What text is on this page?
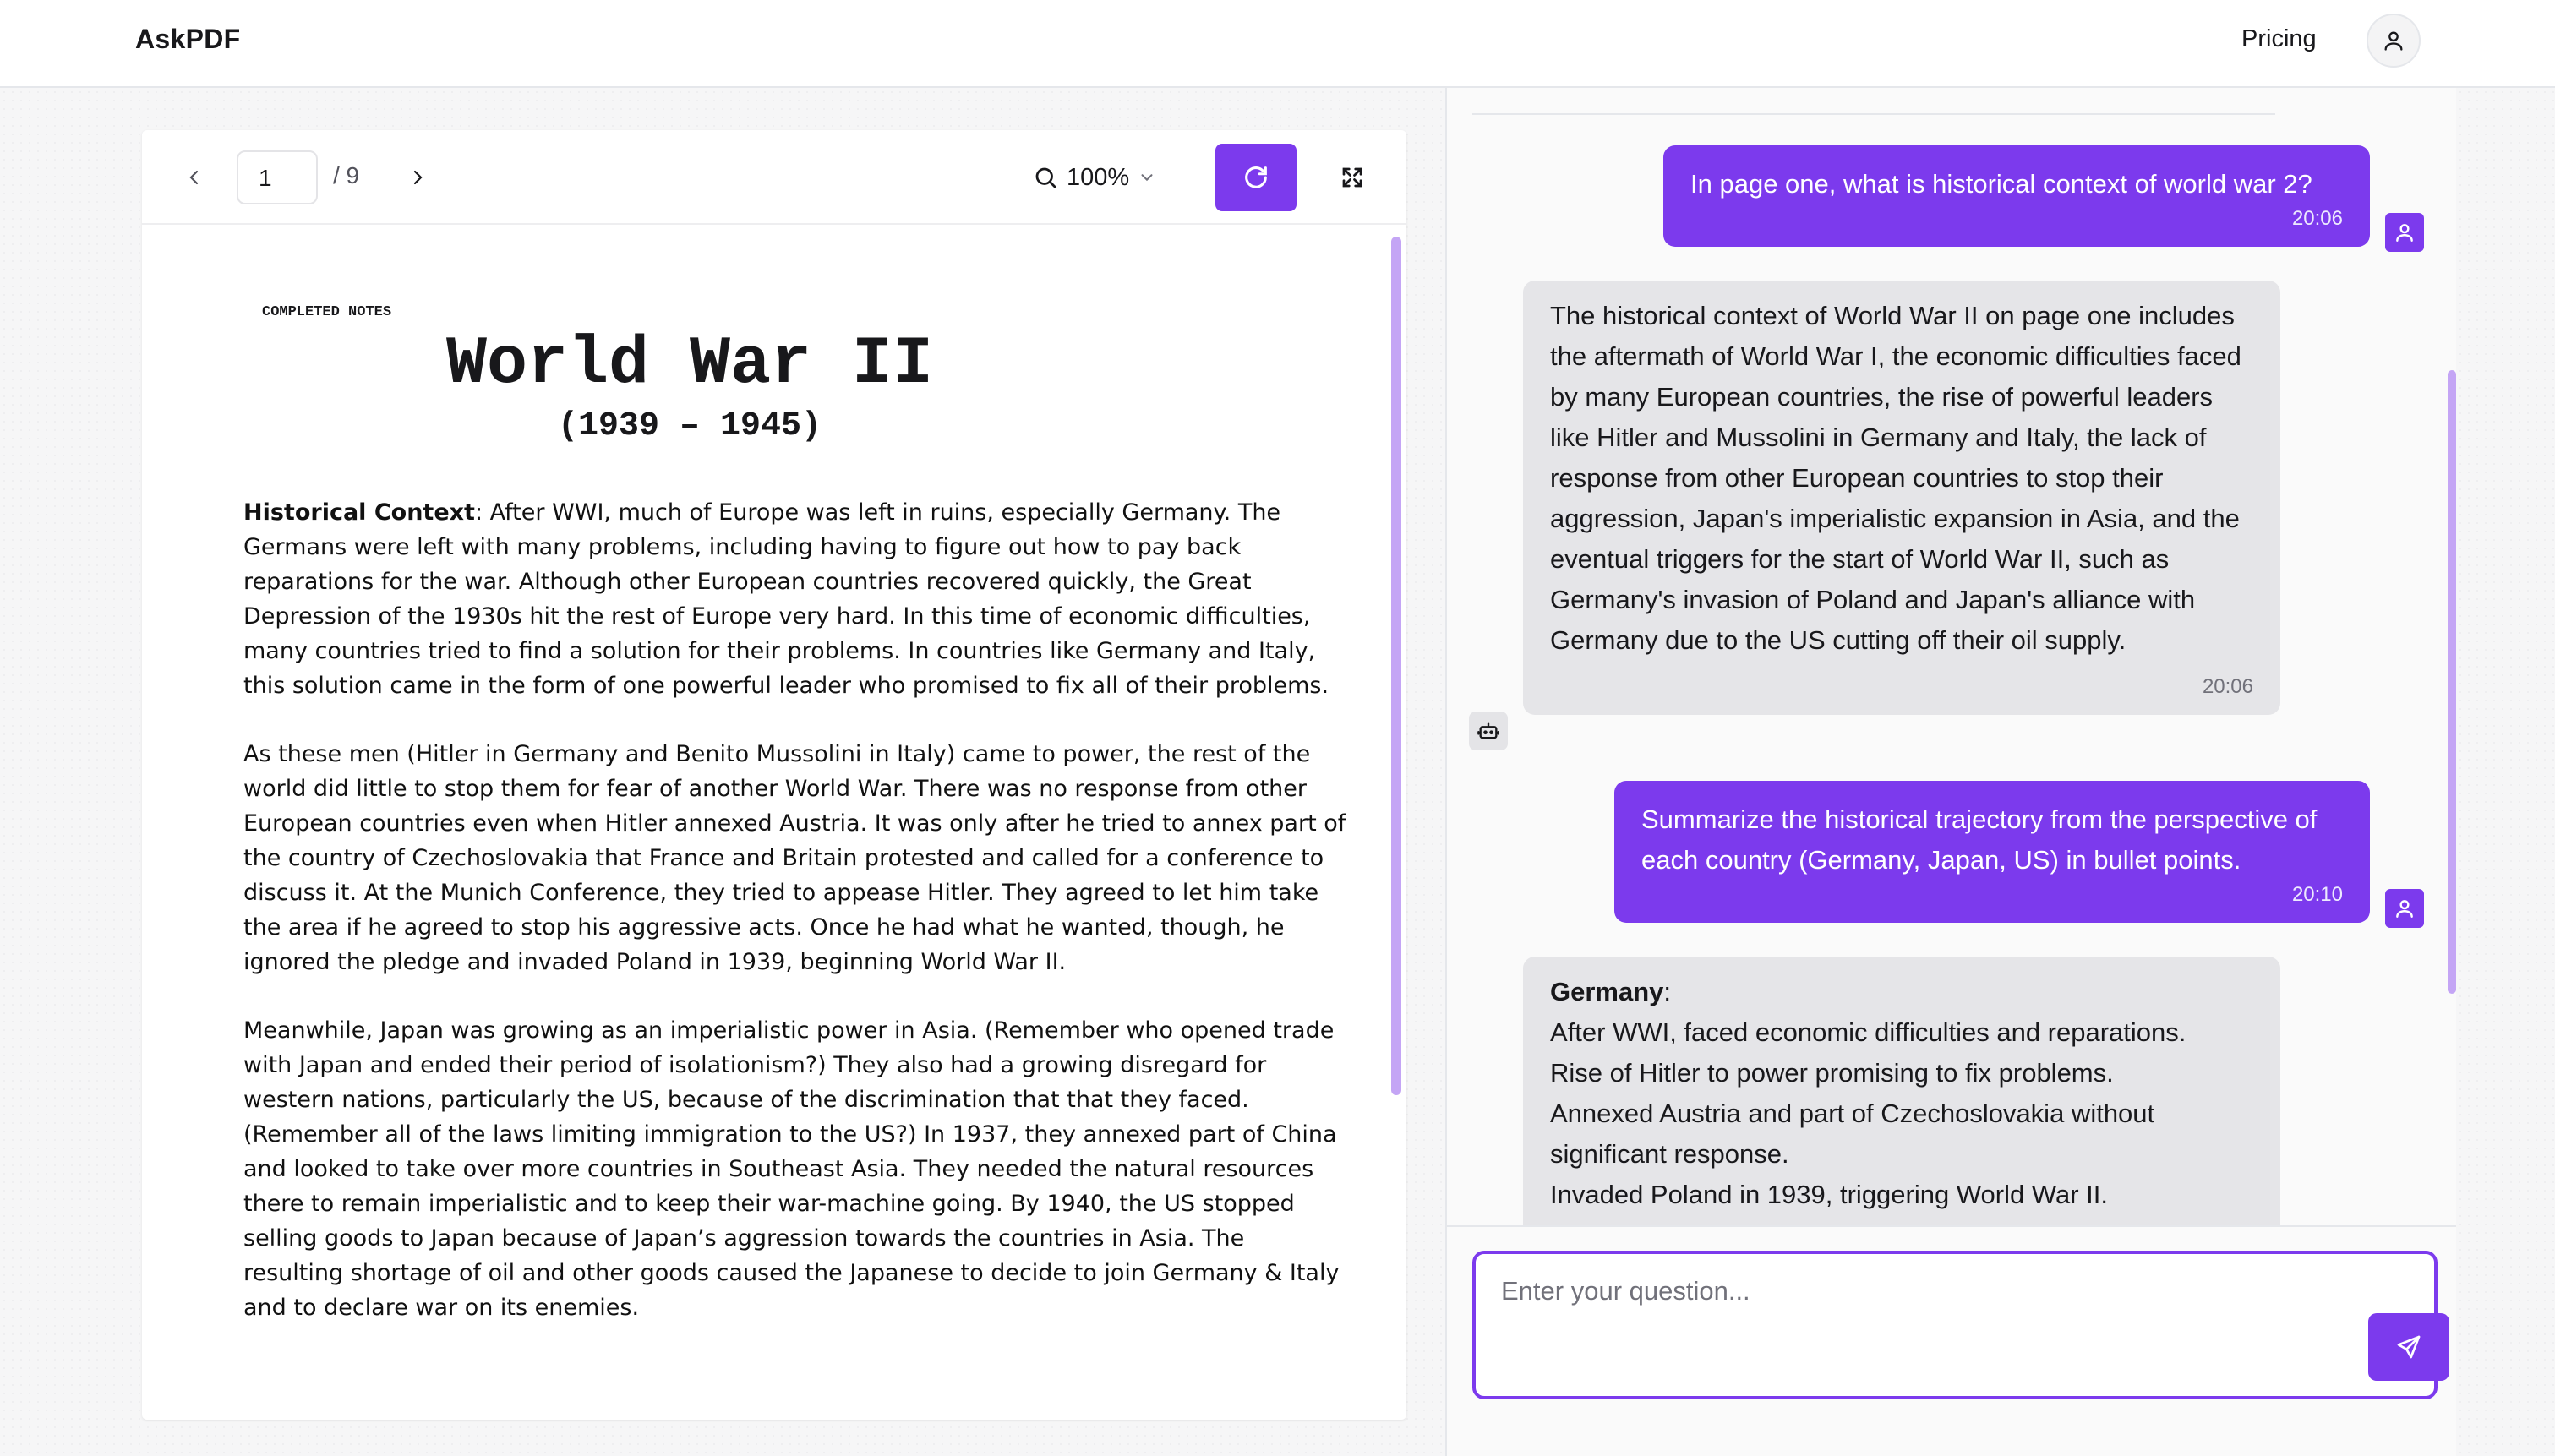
AskPDF	Pricing
1	/ 9	100%
COMPLETED NOTES
World War II
(1939 – 1945)

Historical Context: After WWI, much of Europe was left in ruins, especially Germany. The Germans were left with many problems, including having to figure out how to pay back reparations for the war. Although other European countries recovered quickly, the Great Depression of the 1930s hit the rest of Europe very hard. In this time of economic difficulties, many countries tried to find a solution for their problems. In countries like Germany and Italy, this solution came in the form of one powerful leader who promised to fix all of their problems.

As these men (Hitler in Germany and Benito Mussolini in Italy) came to power, the rest of the world did little to stop them for fear of another World War. There was no response from other European countries even when Hitler annexed Austria. It was only after he tried to annex part of the country of Czechoslovakia that France and Britain protested and called for a conference to discuss it. At the Munich Conference, they tried to appease Hitler. They agreed to let him take the area if he agreed to stop his aggressive acts. Once he had what he wanted, though, he ignored the pledge and invaded Poland in 1939, beginning World War II.

Meanwhile, Japan was growing as an imperialistic power in Asia. (Remember who opened trade with Japan and ended their period of isolationism?) They also had a growing disregard for western nations, particularly the US, because of the discrimination that that they faced. (Remember all of the laws limiting immigration to the US?) In 1937, they annexed part of China and looked to take over more countries in Southeast Asia. They needed the natural resources there to remain imperialistic and to keep their war-machine going. By 1940, the US stopped selling goods to Japan because of Japan’s aggression towards the countries in Asia. The resulting shortage of oil and other goods caused the Japanese to decide to join Germany & Italy and to declare war on its enemies.

In page one, what is historical context of world war 2?
20:06
The historical context of World War II on page one includes the aftermath of World War I, the economic difficulties faced by many European countries, the rise of powerful leaders like Hitler and Mussolini in Germany and Italy, the lack of response from other European countries to stop their aggression, Japan's imperialistic expansion in Asia, and the eventual triggers for the start of World War II, such as Germany's invasion of Poland and Japan's alliance with Germany due to the US cutting off their oil supply.
20:06
Summarize the historical trajectory from the perspective of each country (Germany, Japan, US) in bullet points.
20:10
Germany:
After WWI, faced economic difficulties and reparations.
Rise of Hitler to power promising to fix problems.
Annexed Austria and part of Czechoslovakia without significant response.
Invaded Poland in 1939, triggering World War II.
Enter your question...
